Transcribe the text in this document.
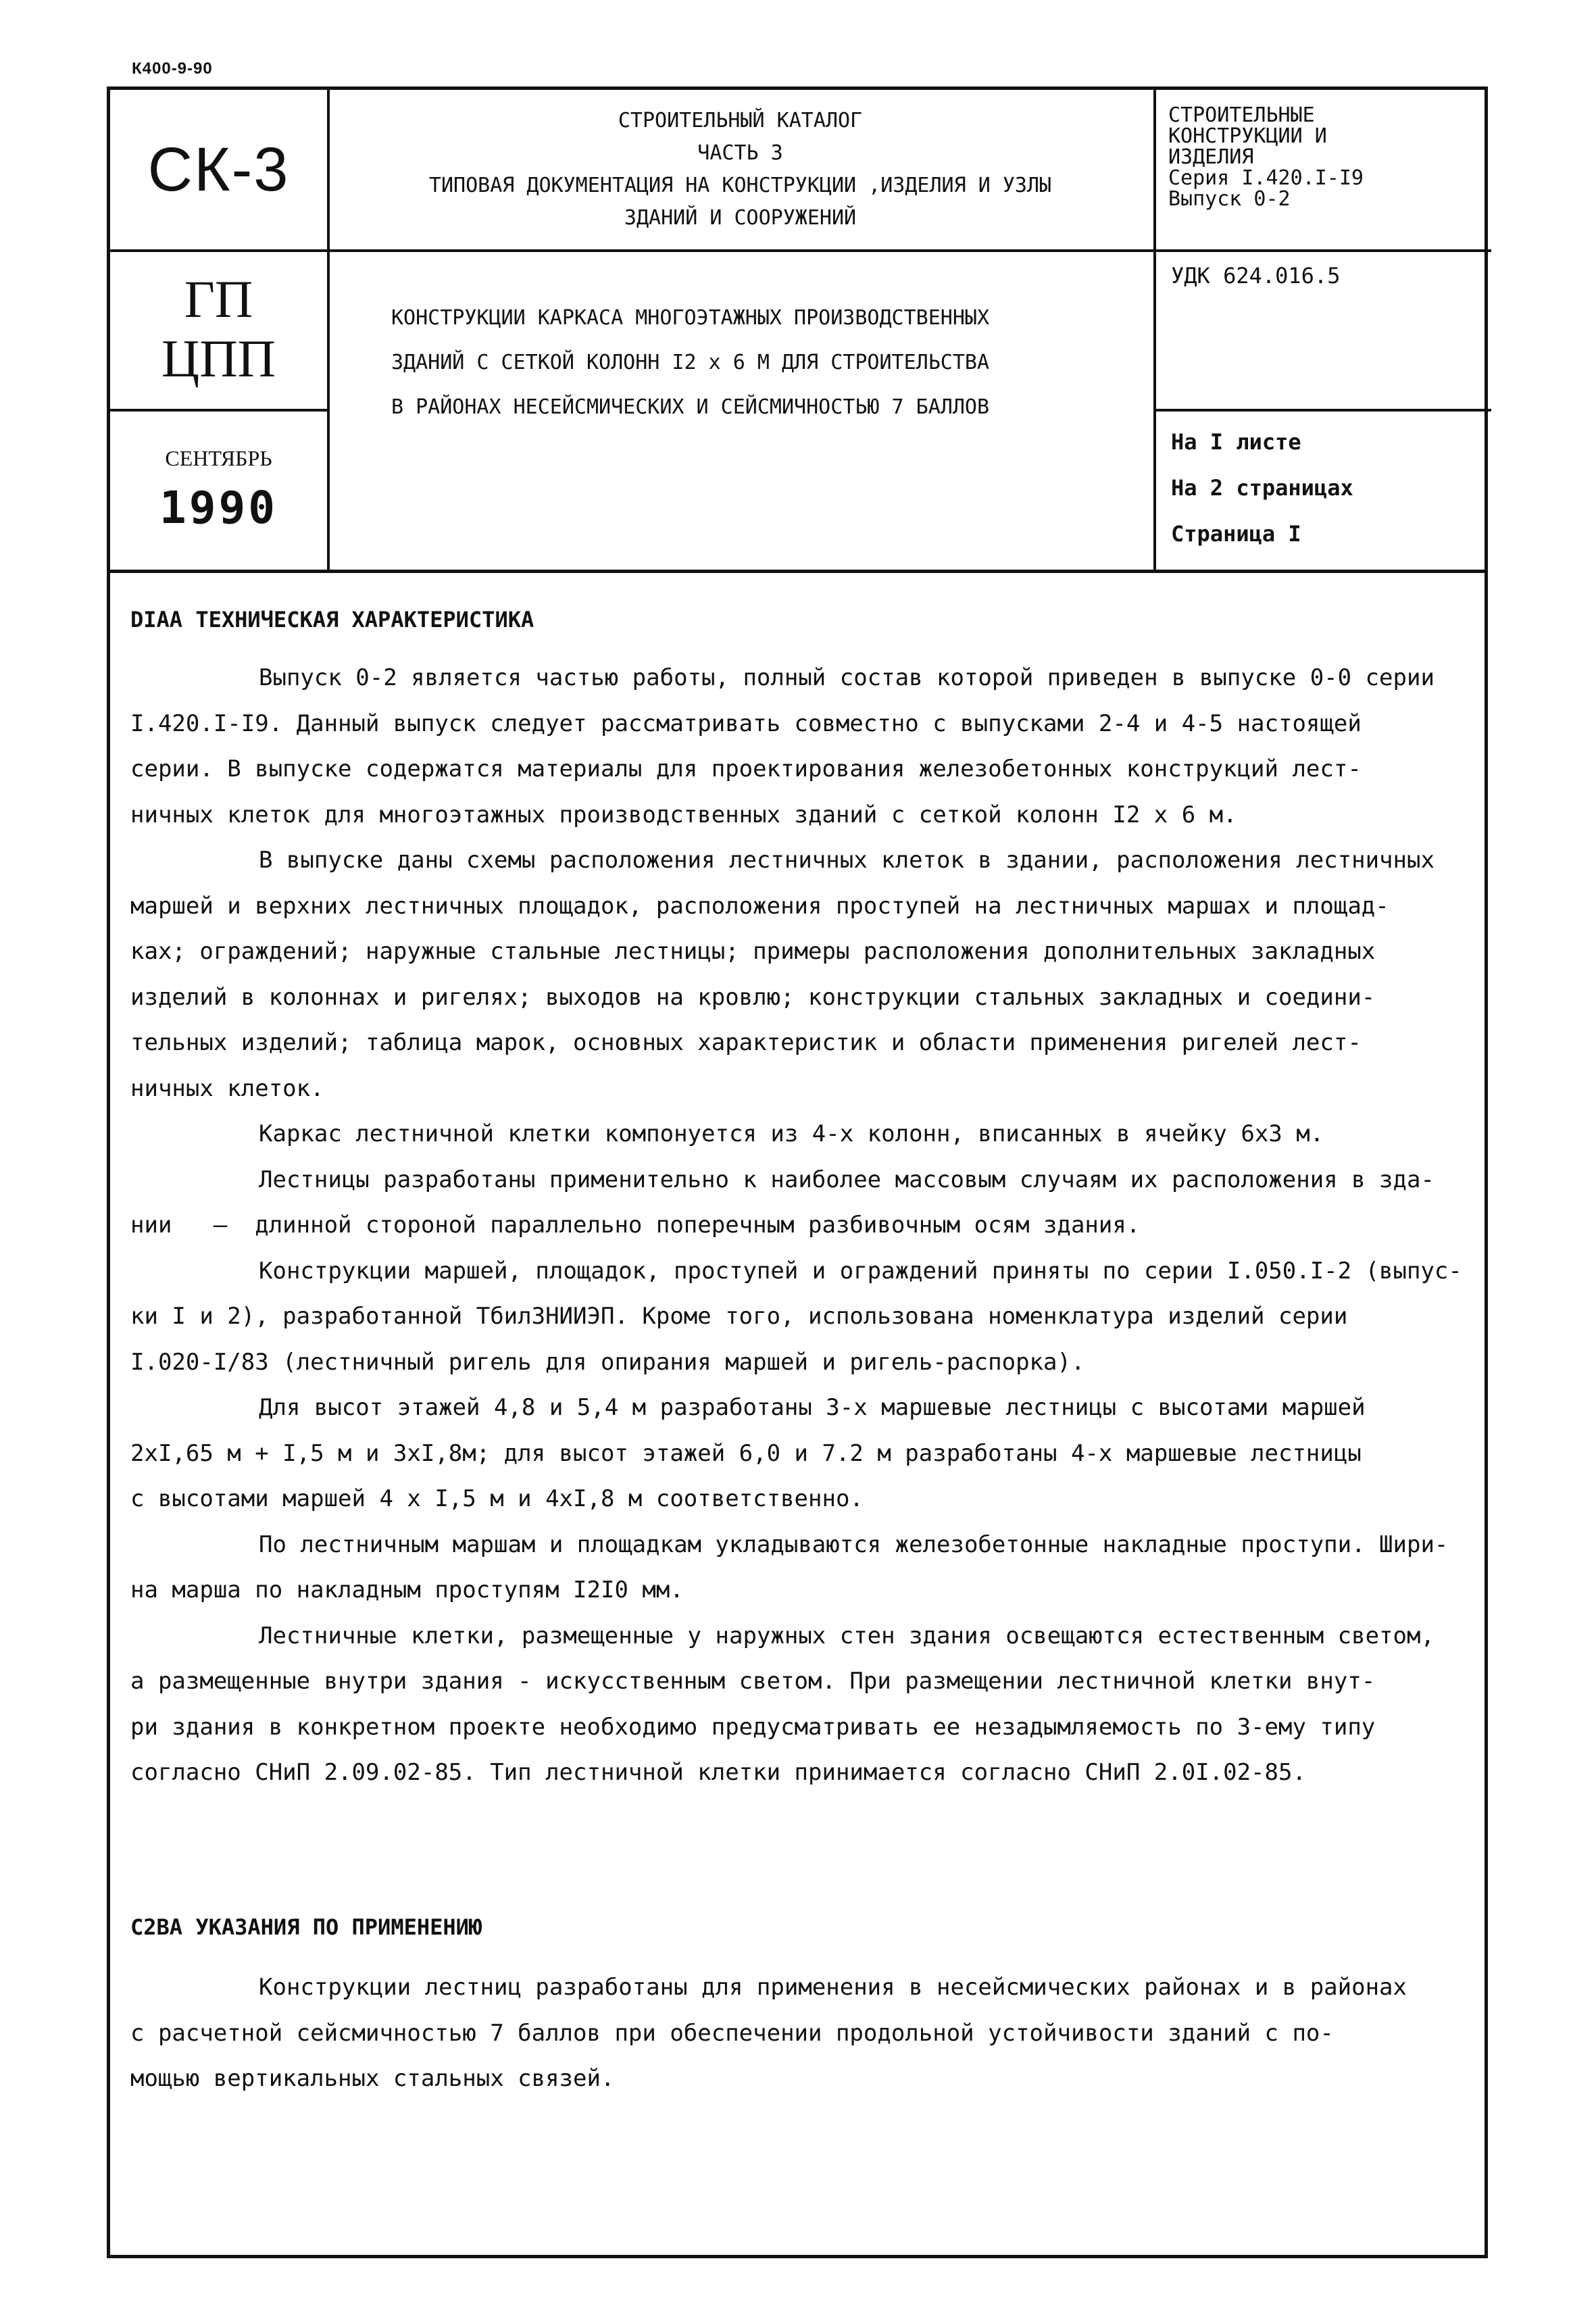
К400-9-90
СК-3
ГП
ЦПП
СЕНТЯБРЬ
1990
СТРОИТЕЛЬНЫЙ КАТАЛОГ
ЧАСТЬ 3
ТИПОВАЯ ДОКУМЕНТАЦИЯ НА КОНСТРУКЦИИ ,ИЗДЕЛИЯ И УЗЛЫ
ЗДАНИЙ И СООРУЖЕНИЙ
КОНСТРУКЦИИ КАРКАСА МНОГОЭТАЖНЫХ ПРОИЗВОДСТВЕННЫХ
ЗДАНИЙ С СЕТКОЙ КОЛОНН I2 х 6 М ДЛЯ СТРОИТЕЛЬСТВА
В РАЙОНАХ НЕСЕЙСМИЧЕСКИХ И СЕЙСМИЧНОСТЬЮ 7 БАЛЛОВ
СТРОИТЕЛЬНЫЕ
КОНСТРУКЦИИ И
ИЗДЕЛИЯ
Серия I.420.I-I9
Выпуск 0-2
УДК 624.016.5
На I листе
На 2 страницах
Страница I
DIAA ТЕХНИЧЕСКАЯ ХАРАКТЕРИСТИКА
Выпуск 0-2 является частью работы, полный состав которой приведен в выпуске 0-0 серии
I.420.I-I9. Данный выпуск следует рассматривать совместно с выпусками 2-4 и 4-5 настоящей
серии. В выпуске содержатся материалы для проектирования железобетонных конструкций лест-
ничных клеток для многоэтажных производственных зданий с сеткой колонн I2 х 6 м.
В выпуске даны схемы расположения лестничных клеток в здании, расположения лестничных
маршей и верхних лестничных площадок, расположения проступей на лестничных маршах и площад-
ках; ограждений; наружные стальные лестницы; примеры расположения дополнительных закладных
изделий в колоннах и ригелях; выходов на кровлю; конструкции стальных закладных и соедини-
тельных изделий; таблица марок, основных характеристик и области применения ригелей лест-
ничных клеток.
Каркас лестничной клетки компонуется из 4-х колонн, вписанных в ячейку 6х3 м.
Лестницы разработаны применительно к наиболее массовым случаям их расположения в зда-
нии   —  длинной стороной параллельно поперечным разбивочным осям здания.
Конструкции маршей, площадок, проступей и ограждений приняты по серии I.050.I-2 (выпус-
ки I и 2), разработанной ТбилЗНИИЭП. Кроме того, использована номенклатура изделий серии
I.020-I/83 (лестничный ригель для опирания маршей и ригель-распорка).
Для высот этажей 4,8 и 5,4 м разработаны 3-х маршевые лестницы с высотами маршей
2хI,65 м + I,5 м и 3хI,8м; для высот этажей 6,0 и 7.2 м разработаны 4-х маршевые лестницы
с высотами маршей 4 х I,5 м и 4хI,8 м соответственно.
По лестничным маршам и площадкам укладываются железобетонные накладные проступи. Шири-
на марша по накладным проступям I2I0 мм.
Лестничные клетки, размещенные у наружных стен здания освещаются естественным светом,
а размещенные внутри здания - искусственным светом. При размещении лестничной клетки внут-
ри здания в конкретном проекте необходимо предусматривать ее незадымляемость по 3-ему типу
согласно СНиП 2.09.02-85. Тип лестничной клетки принимается согласно СНиП 2.0I.02-85.
С2ВА УКАЗАНИЯ ПО ПРИМЕНЕНИЮ
Конструкции лестниц разработаны для применения в несейсмических районах и в районах
с расчетной сейсмичностью 7 баллов при обеспечении продольной устойчивости зданий с по-
мощью вертикальных стальных связей.
